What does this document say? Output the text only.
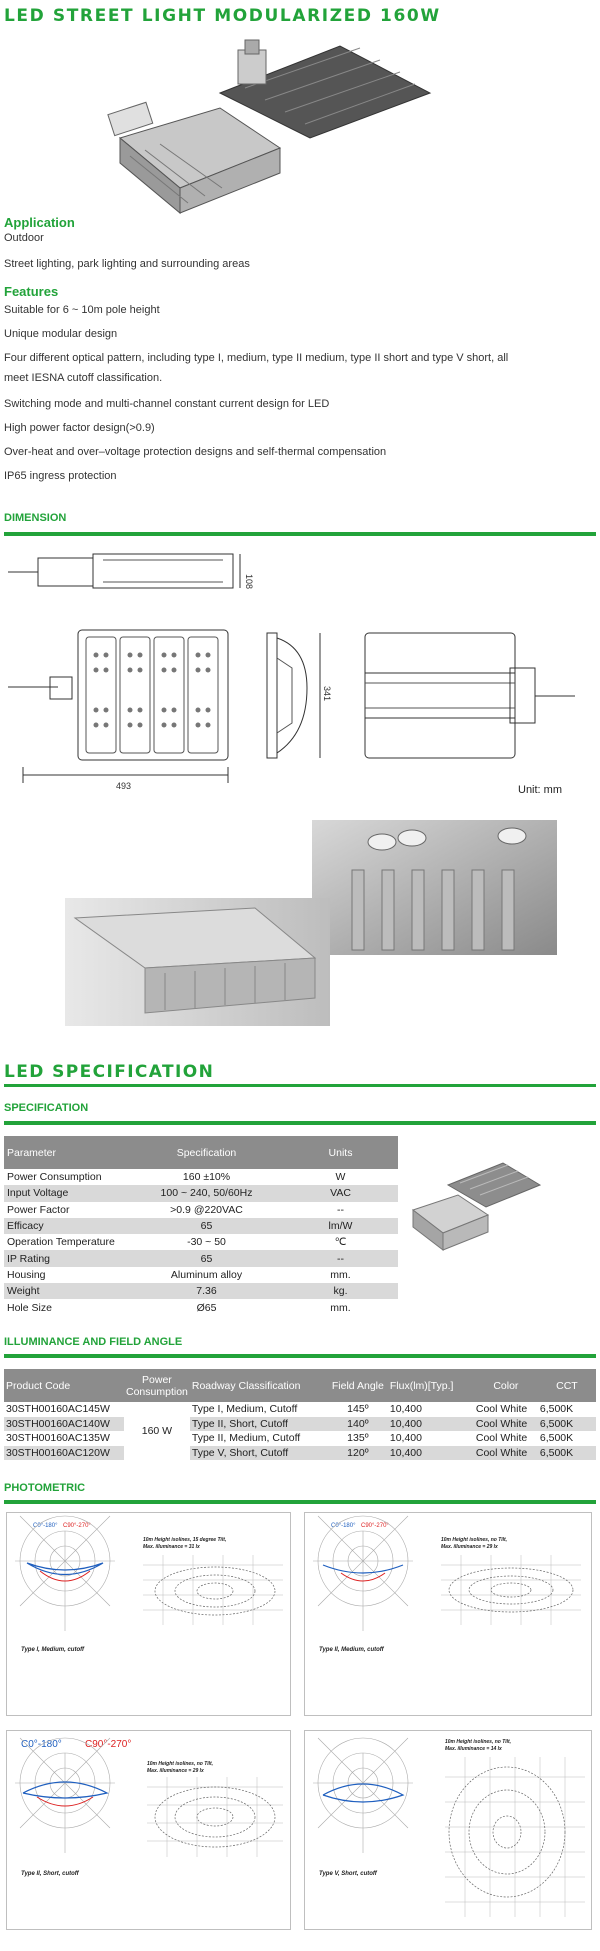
LED STREET LIGHT MODULARIZED 160W
Application
Outdoor
Street lighting, park lighting and surrounding areas
Features
Suitable for 6 ~ 10m pole height
Unique modular design
Four different optical pattern, including type I, medium, type II medium, type II short and type V short, all
meet IESNA cutoff classification.
Switching mode and multi-channel constant current design for LED
High power factor design(>0.9)
Over-heat and over–voltage protection designs and self-thermal compensation
IP65 ingress protection
DIMENSION
108
493
341
Unit: mm
LED SPECIFICATION
SPECIFICATION
Parameter	Specification	Units
Power Consumption	160 ±10%	W
Input Voltage	100 ~ 240, 50/60Hz	VAC
Power Factor	>0.9 @220VAC	--
Efficacy	65	lm/W
Operation Temperature	-30 ~ 50	℃
IP Rating	65	--
Housing	Aluminum alloy	mm.
Weight	7.36	kg.
Hole Size	Ø65	mm.
ILLUMINANCE AND FIELD ANGLE
Product Code	Power Consumption	Roadway Classification	Field Angle	Flux(lm)[Typ.]	Color	CCT
30STH00160AC145W	160 W	Type I, Medium, Cutoff	145º	10,400	Cool White	6,500K
30STH00160AC140W		Type II, Short, Cutoff	140º	10,400	Cool White	6,500K
30STH00160AC135W		Type II, Medium, Cutoff	135º	10,400	Cool White	6,500K
30STH00160AC120W		Type V, Short, Cutoff	120º	10,400	Cool White	6,500K
PHOTOMETRIC
C0°-180° C90°-270°
Type I, Medium, cutoff
10m Height isolines, 15 degree Tilt,
Max. illuminance = 31 lx
C0°-180° C90°-270°
Type II, Medium, cutoff
10m Height isolines, no Tilt,
Max. illuminance = 29 lx
C0°-180° C90°-270°
Type II, Short, cutoff
10m Height isolines, no Tilt,
Max. illuminance = 29 lx
Type V, Short, cutoff
10m Height isolines, no Tilt,
Max. illuminance = 14 lx
